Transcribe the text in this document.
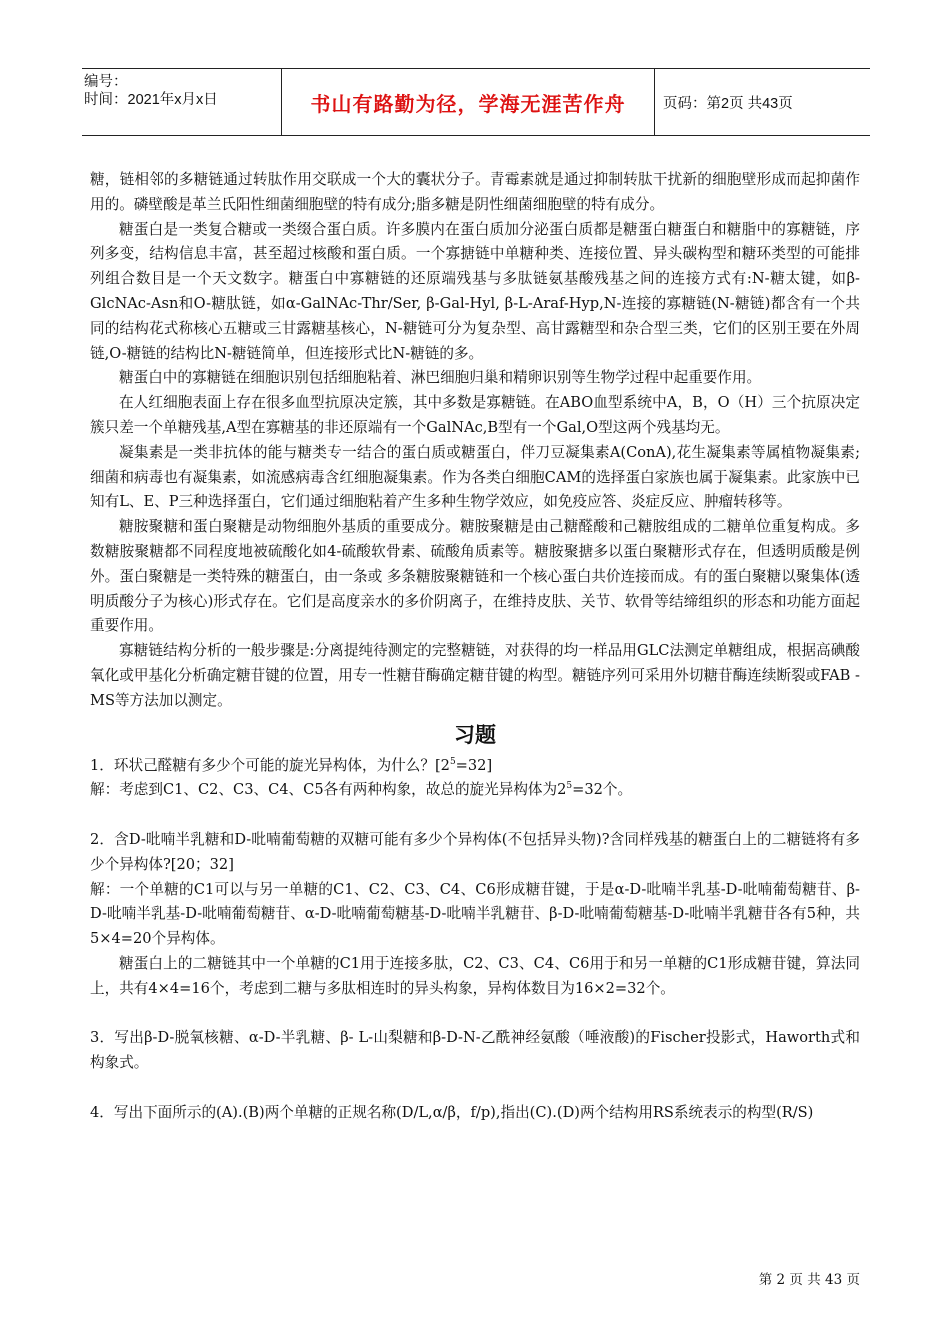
编号：
时间：2021年x月x日	书山有路勤为径，学海无涯苦作舟	页码：第2页 共43页

糖，链相邻的多糖链通过转肽作用交联成一个大的囊状分子。青霉素就是通过抑制转肽干扰新的细胞壁形成而起抑菌作用的。磷壁酸是革兰氏阳性细菌细胞壁的特有成分;脂多糖是阴性细菌细胞壁的特有成分。

糖蛋白是一类复合糖或一类缀合蛋白质。许多膜内在蛋白质加分泌蛋白质都是糖蛋白糖蛋白和糖脂中的寡糖链，序列多变，结构信息丰富，甚至超过核酸和蛋白质。一个寡搪链中单糖种类、连接位置、异头碳构型和糖环类型的可能排列组合数目是一个天文数字。糖蛋白中寡糖链的还原端残基与多肽链氨基酸残基之间的连接方式有:N-糖太键，如β- GlcNAc-Asn和O-糖肽链，如α-GalNAc-Thr/Ser, β-Gal-Hyl, β-L-Araf-Hyp,N-连接的寡糖链(N-糖链)都含有一个共同的结构花式称核心五糖或三甘露糖基核心，N-糖链可分为复杂型、高甘露糖型和杂合型三类，它们的区别王要在外周链,O-糖链的结构比N-糖链简单，但连接形式比N-糖链的多。

糖蛋白中的寡糖链在细胞识别包括细胞粘着、淋巴细胞归巢和精卵识别等生物学过程中起重要作用。

在人红细胞表面上存在很多血型抗原决定簇，其中多数是寡糖链。在ABO血型系统中A，B，O（H）三个抗原决定簇只差一个单糖残基,A型在寡糖基的非还原端有一个GalNAc,B型有一个Gal,O型这两个残基均无。

凝集素是一类非抗体的能与糖类专一结合的蛋白质或糖蛋白，伴刀豆凝集素A(ConA),花生凝集素等属植物凝集素;细菌和病毒也有凝集素，如流感病毒含红细胞凝集素。作为各类白细胞CAM的选择蛋白家族也属于凝集素。此家族中已知有L、E、P三种选择蛋白，它们通过细胞粘着产生多种生物学效应，如免疫应答、炎症反应、肿瘤转移等。

糖胺聚糖和蛋白聚糖是动物细胞外基质的重要成分。糖胺聚糖是由己糖醛酸和己糖胺组成的二糖单位重复构成。多数糖胺聚糖都不同程度地被硫酸化如4-硫酸软骨素、硫酸角质素等。糖胺聚搪多以蛋白聚糖形式存在，但透明质酸是例外。蛋白聚糖是一类特殊的糖蛋白，由一条或 多条糖胺聚糖链和一个核心蛋白共价连接而成。有的蛋白聚糖以聚集体(透明质酸分子为核心)形式存在。它们是高度亲水的多价阴离子，在维持皮肤、关节、软骨等结缔组织的形态和功能方面起重要作用。

寡糖链结构分析的一般步骤是:分离提纯待测定的完整糖链，对获得的均一样品用GLC法测定单糖组成，根据高碘酸氧化或甲基化分析确定糖苷键的位置，用专一性糖苷酶确定糖苷键的构型。糖链序列可采用外切糖苷酶连续断裂或FAB - MS等方法加以测定。

习题

1．环状己醛糖有多少个可能的旋光异构体，为什么？$[2^5=32]$

解：考虑到C1、C2、C3、C4、C5各有两种构象，故总的旋光异构体为$2^5=32$个。

2．含D-吡喃半乳糖和D-吡喃葡萄糖的双糖可能有多少个异构体(不包括异头物)?含同样残基的糖蛋白上的二糖链将有多少个异构体?[20；32]

解：一个单糖的C1可以与另一单糖的C1、C2、C3、C4、C6形成糖苷键，于是α-D-吡喃半乳基-D-吡喃葡萄糖苷、β-D-吡喃半乳基-D-吡喃葡萄糖苷、α-D-吡喃葡萄糖基-D-吡喃半乳糖苷、β-D-吡喃葡萄糖基-D-吡喃半乳糖苷各有5种，共5×4=20个异构体。

糖蛋白上的二糖链其中一个单糖的C1用于连接多肽，C2、C3、C4、C6用于和另一单糖的C1形成糖苷键，算法同上，共有4×4=16个，考虑到二糖与多肽相连时的异头构象，异构体数目为16×2=32个。

3．写出β-D-脱氧核糖、α-D-半乳糖、β- L-山梨糖和β-D-N-乙酰神经氨酸（唾液酸)的Fischer投影式，Haworth式和构象式。

4．写出下面所示的(A).(B)两个单糖的正规名称(D/L,α/β，f/p),指出(C).(D)两个结构用RS系统表示的构型(R/S)

第 2 页 共 43 页
